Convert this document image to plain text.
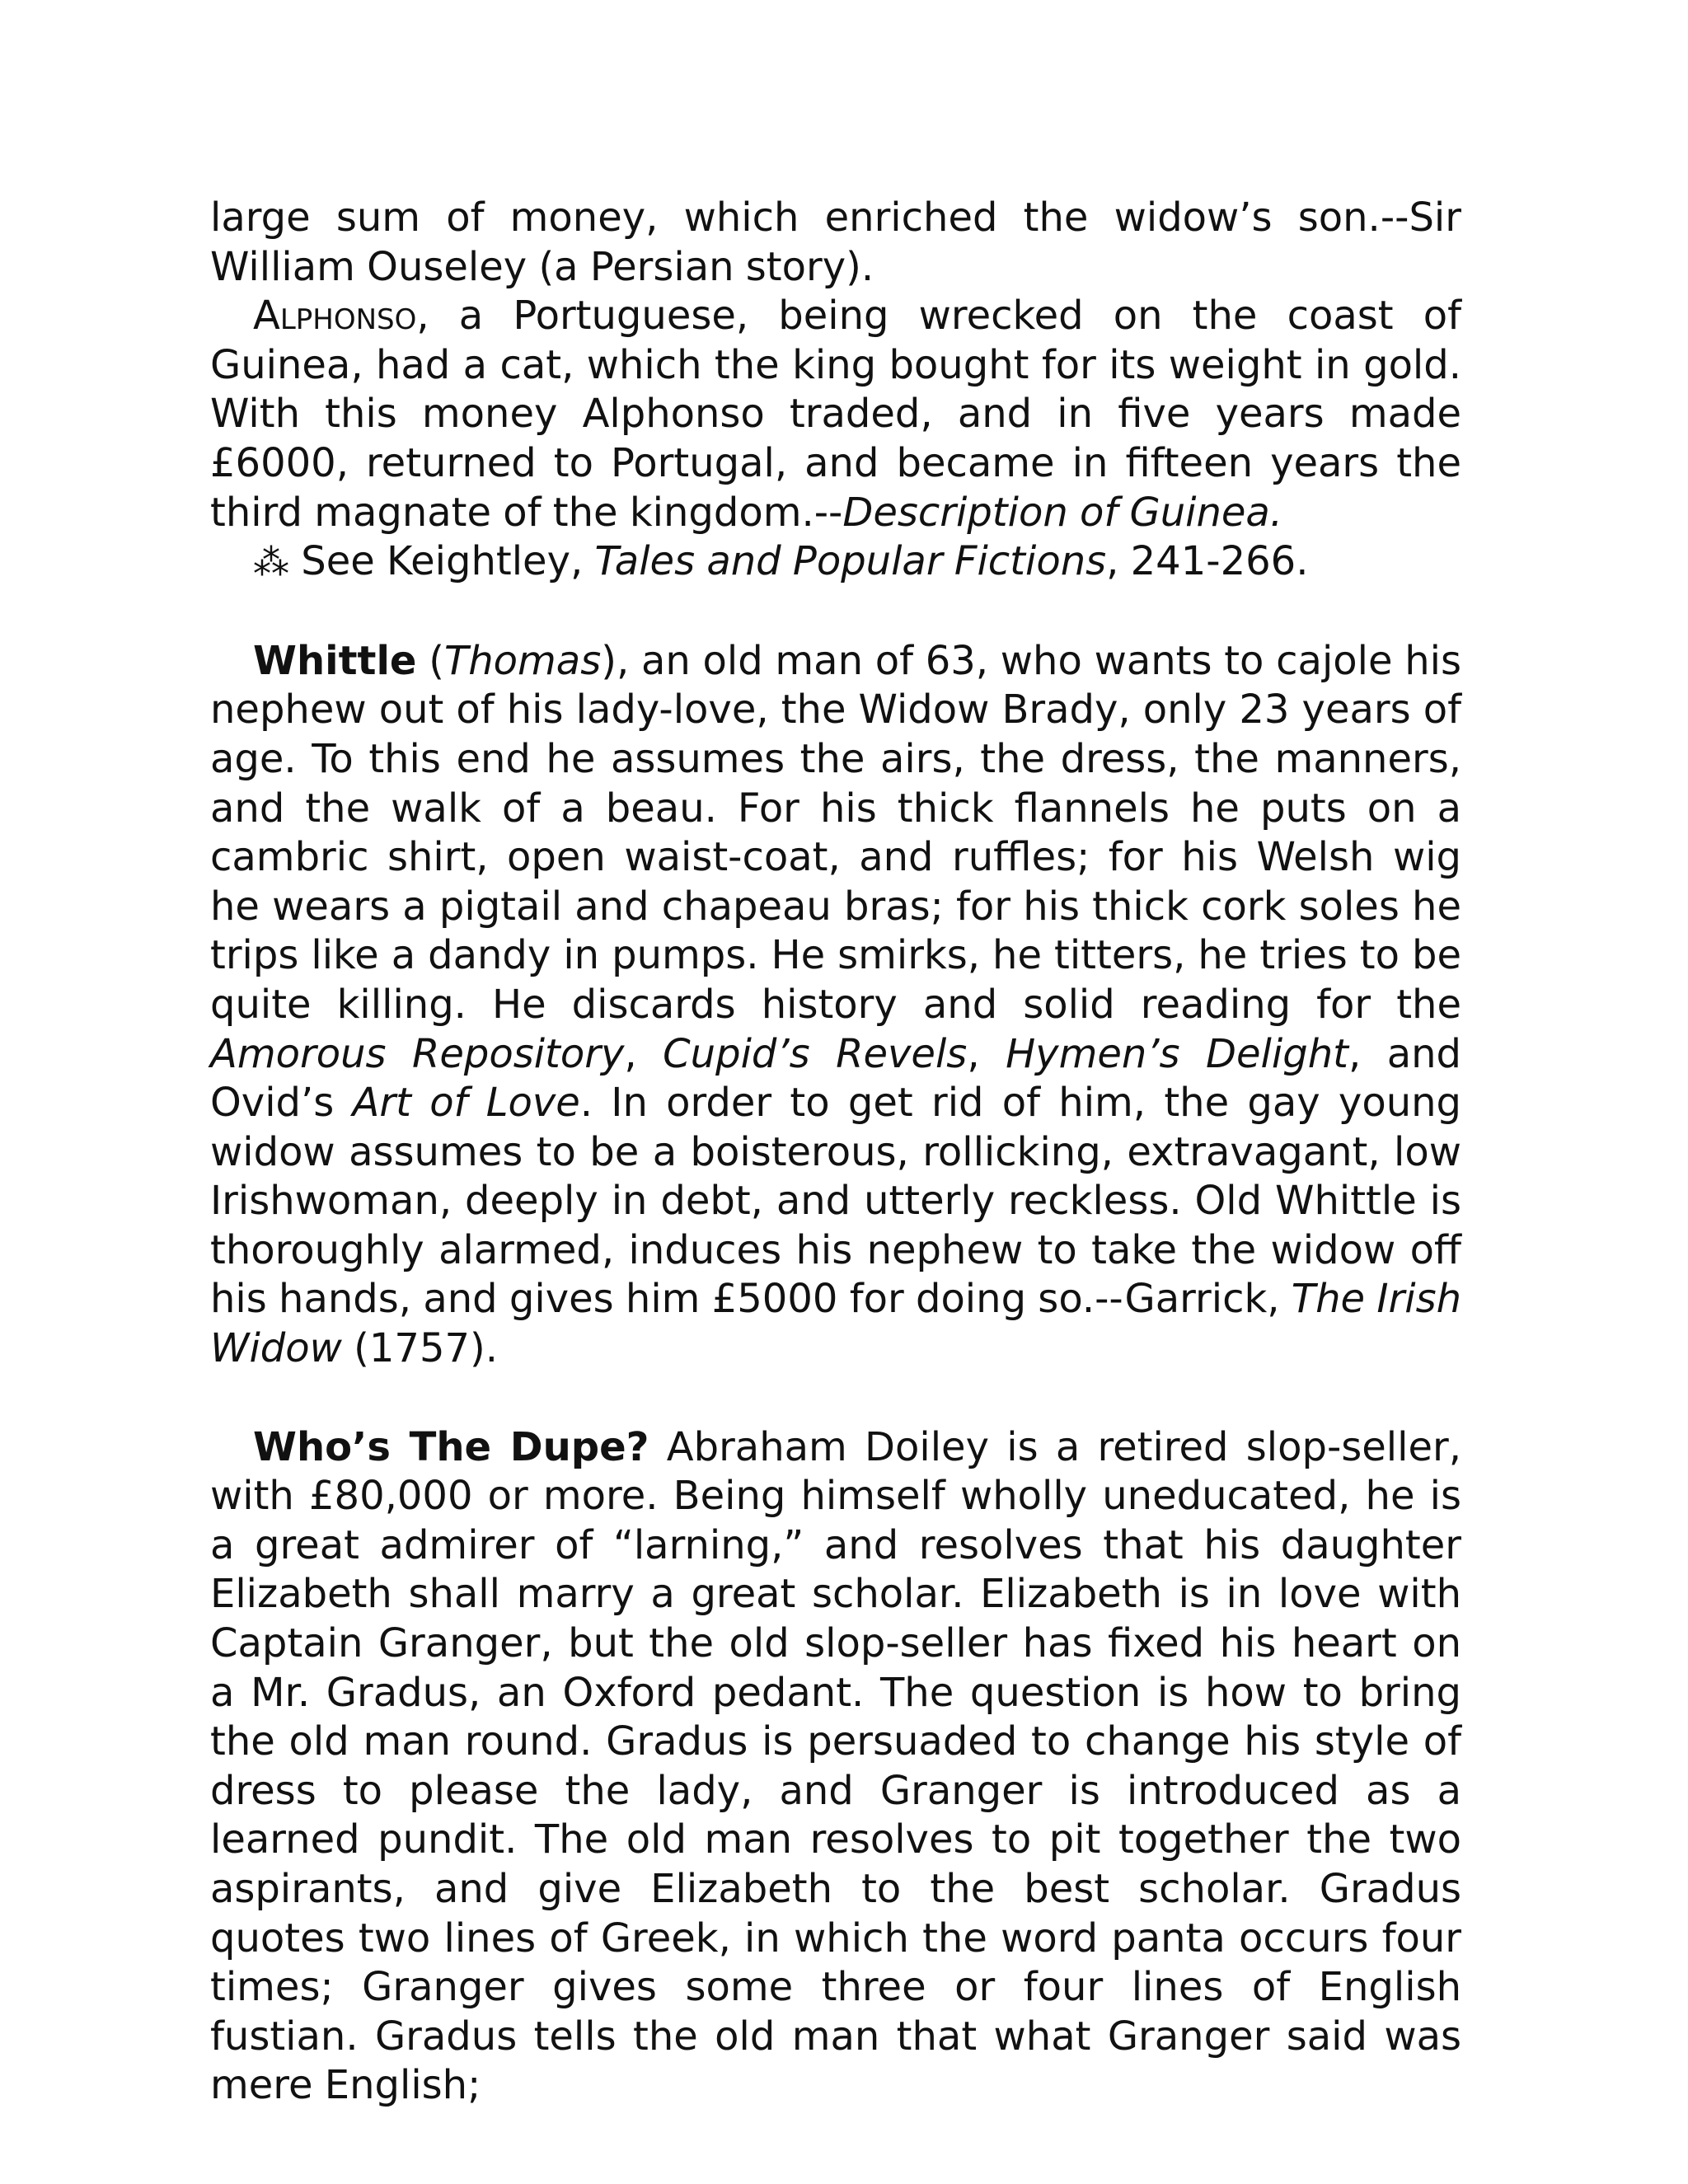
large sum of money, which enriched the widow’s son.--Sir William Ouseley (a Persian story).

Alphonso, a Portuguese, being wrecked on the coast of Guinea, had a cat, which the king bought for its weight in gold. With this money Alphonso traded, and in five years made £6000, returned to Portugal, and became in fifteen years the third magnate of the kingdom.--Description of Guinea.

⁂ See Keightley, Tales and Popular Fictions, 241-266.

Whittle (Thomas), an old man of 63, who wants to cajole his nephew out of his lady-love, the Widow Brady, only 23 years of age. To this end he assumes the airs, the dress, the manners, and the walk of a beau. For his thick flannels he puts on a cambric shirt, open waist-coat, and ruffles; for his Welsh wig he wears a pigtail and chapeau bras; for his thick cork soles he trips like a dandy in pumps. He smirks, he titters, he tries to be quite killing. He discards history and solid reading for the Amorous Repository, Cupid’s Revels, Hymen’s Delight, and Ovid’s Art of Love. In order to get rid of him, the gay young widow assumes to be a boisterous, rollicking, extravagant, low Irishwoman, deeply in debt, and utterly reckless. Old Whittle is thoroughly alarmed, induces his nephew to take the widow off his hands, and gives him £5000 for doing so.--Garrick, The Irish Widow (1757).

Who’s The Dupe? Abraham Doiley is a retired slop-seller, with £80,000 or more. Being himself wholly uneducated, he is a great admirer of “larning,” and resolves that his daughter Elizabeth shall marry a great scholar. Elizabeth is in love with Captain Granger, but the old slop-seller has fixed his heart on a Mr. Gradus, an Oxford pedant. The question is how to bring the old man round. Gradus is persuaded to change his style of dress to please the lady, and Granger is introduced as a learned pundit. The old man resolves to pit together the two aspirants, and give Elizabeth to the best scholar. Gradus quotes two lines of Greek, in which the word panta occurs four times; Granger gives some three or four lines of English fustian. Gradus tells the old man that what Granger said was mere English;
